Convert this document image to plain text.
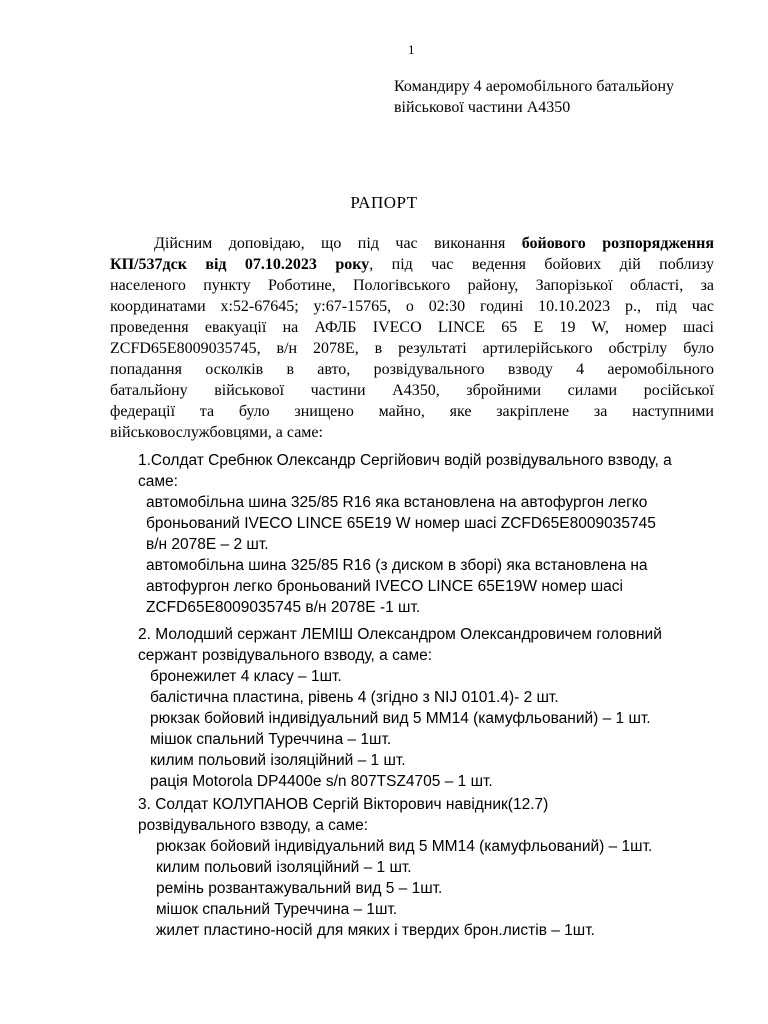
1
Командиру 4 аеромобільного батальйону
військової частини А4350
РАПОРТ
Дійсним доповідаю, що під час виконання бойового розпорядження
КП/537дск від 07.10.2023 року, під час ведення бойових дій поблизу
населеного пункту Роботине, Пологівського району, Запорізької області, за
координатами х:52-67645; у:67-15765, о 02:30 годині 10.10.2023 р., під час
проведення евакуації на АФЛБ IVECO LINCE 65 E 19 W, номер шасі
ZCFD65E8009035745, в/н 2078Е, в результаті артилерійського обстрілу було
попадання осколків в авто, розвідувального взводу 4 аеромобільного
батальйону військової частини А4350, збройними силами російської
федерації та було знищено майно, яке закріплене за наступними
військовослужбовцями, а саме:
1.Солдат Сребнюк Олександр Сергійович водій розвідувального взводу, а
саме:
автомобільна шина 325/85 R16 яка встановлена на автофургон легко
броньований IVECO LINCE 65E19 W номер шасі ZCFD65E8009035745
в/н 2078Е – 2 шт.
автомобільна шина 325/85 R16 (з диском в зборі) яка встановлена на
автофургон легко броньований IVECO LINCE 65E19W номер шасі
ZCFD65E8009035745 в/н 2078Е -1 шт.
2. Молодший сержант ЛЕМІШ Олександром Олександровичем головний
сержант розвідувального взводу, а саме:
бронежилет 4 класу – 1шт.
балістична пластина, рівень 4 (згідно з NIJ 0101.4)- 2 шт.
рюкзак бойовий індивідуальний вид 5 ММ14 (камуфльований) – 1 шт.
мішок спальний Туреччина – 1шт.
килим польовий ізоляційний – 1 шт.
рація Motorola DP4400e s/n 807TSZ4705 – 1 шт.
3. Солдат КОЛУПАНОВ Сергій Вікторович навідник(12.7)
розвідувального взводу, а саме:
рюкзак бойовий індивідуальний вид 5 ММ14 (камуфльований) – 1шт.
килим польовий ізоляційний – 1 шт.
ремінь розвантажувальний вид 5 – 1шт.
мішок спальний Туреччина – 1шт.
жилет пластино-носій для мяких і твердих брон.листів – 1шт.
